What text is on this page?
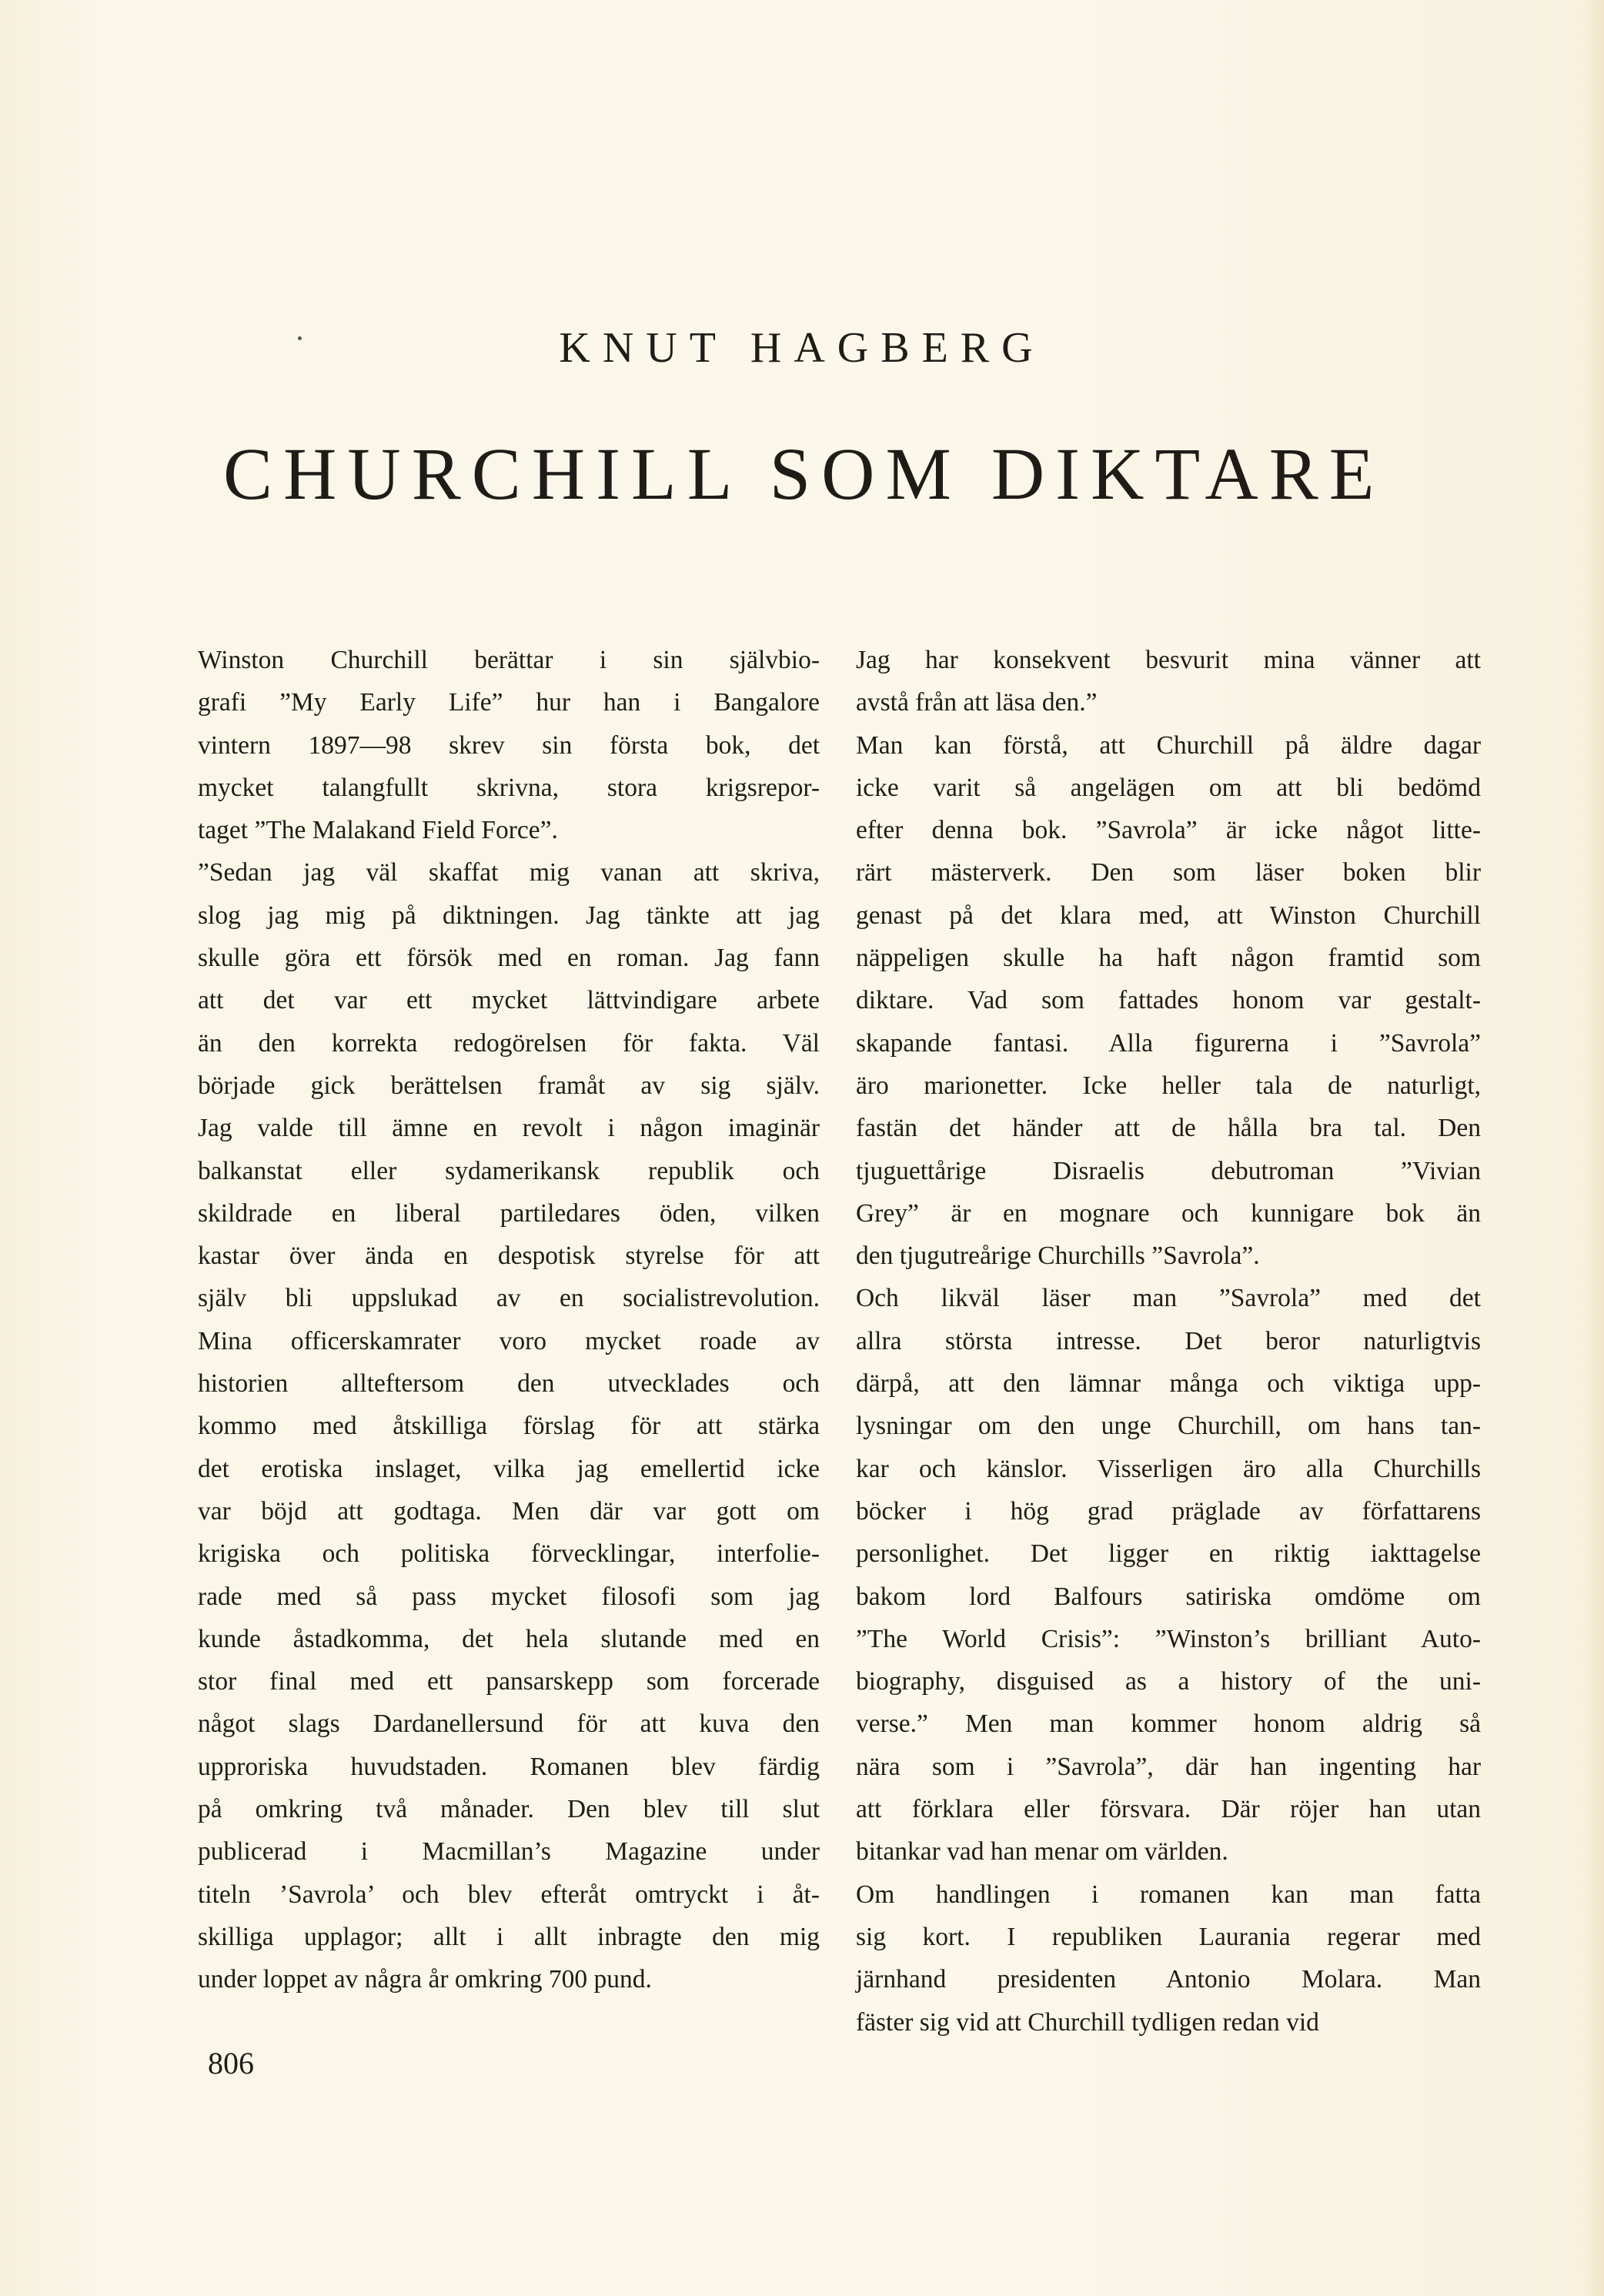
KNUT HAGBERG
CHURCHILL SOM DIKTARE
Winston Churchill berättar i sin självbio-
grafi ”My Early Life” hur han i Bangalore
vintern 1897—98 skrev sin första bok, det
mycket talangfullt skrivna, stora krigsrepor-
taget ”The Malakand Field Force”.
”Sedan jag väl skaffat mig vanan att skriva,
slog jag mig på diktningen. Jag tänkte att jag
skulle göra ett försök med en roman. Jag fann
att det var ett mycket lättvindigare arbete
än den korrekta redogörelsen för fakta. Väl
började gick berättelsen framåt av sig själv.
Jag valde till ämne en revolt i någon imaginär
balkanstat eller sydamerikansk republik och
skildrade en liberal partiledares öden, vilken
kastar över ända en despotisk styrelse för att
själv bli uppslukad av en socialistrevolution.
Mina officerskamrater voro mycket roade av
historien allteftersom den utvecklades och
kommo med åtskilliga förslag för att stärka
det erotiska inslaget, vilka jag emellertid icke
var böjd att godtaga. Men där var gott om
krigiska och politiska förvecklingar, interfolie-
rade med så pass mycket filosofi som jag
kunde åstadkomma, det hela slutande med en
stor final med ett pansarskepp som forcerade
något slags Dardanellersund för att kuva den
upproriska huvudstaden. Romanen blev färdig
på omkring två månader. Den blev till slut
publicerad i Macmillan’s Magazine under
titeln ’Savrola’ och blev efteråt omtryckt i åt-
skilliga upplagor; allt i allt inbragte den mig
under loppet av några år omkring 700 pund.
Jag har konsekvent besvurit mina vänner att
avstå från att läsa den.”
Man kan förstå, att Churchill på äldre dagar
icke varit så angelägen om att bli bedömd
efter denna bok. ”Savrola” är icke något litte-
rärt mästerverk. Den som läser boken blir
genast på det klara med, att Winston Churchill
näppeligen skulle ha haft någon framtid som
diktare. Vad som fattades honom var gestalt-
skapande fantasi. Alla figurerna i ”Savrola”
äro marionetter. Icke heller tala de naturligt,
fastän det händer att de hålla bra tal. Den
tjuguettårige Disraelis debutroman ”Vivian
Grey” är en mognare och kunnigare bok än
den tjugutreårige Churchills ”Savrola”.
Och likväl läser man ”Savrola” med det
allra största intresse. Det beror naturligtvis
därpå, att den lämnar många och viktiga upp-
lysningar om den unge Churchill, om hans tan-
kar och känslor. Visserligen äro alla Churchills
böcker i hög grad präglade av författarens
personlighet. Det ligger en riktig iakttagelse
bakom lord Balfours satiriska omdöme om
”The World Crisis”: ”Winston’s brilliant Auto-
biography, disguised as a history of the uni-
verse.” Men man kommer honom aldrig så
nära som i ”Savrola”, där han ingenting har
att förklara eller försvara. Där röjer han utan
bitankar vad han menar om världen.
Om handlingen i romanen kan man fatta
sig kort. I republiken Laurania regerar med
järnhand presidenten Antonio Molara. Man
fäster sig vid att Churchill tydligen redan vid
806
